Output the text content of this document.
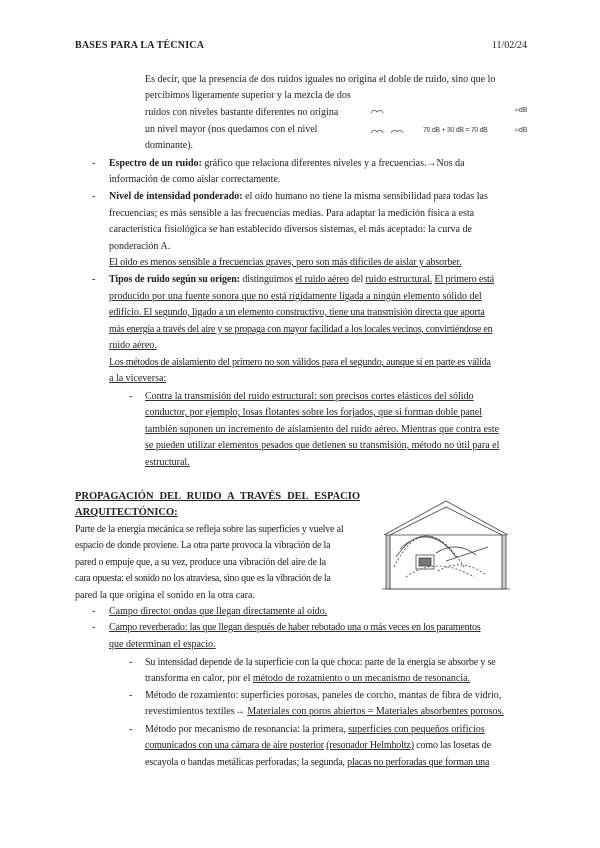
BASES PARA LA TÉCNICA	11/02/24
Es decir, que la presencia de dos ruidos iguales no origina el doble de ruido, sino que lo
percibimos ligeramente superior y la mezcla de dos
ruidos con niveles bastante diferentes no origina
un nivel mayor (nos quedamos con el nivel
dominante).
≈dB
70 dB + 30 dB = 70 dB	≈dB
-	Espectro de un ruido: gráfico que relaciona diferentes niveles y a frecuencias.→Nos da
información de como aislar correctamente.
-	Nivel de intensidad ponderado: el oído humano no tiene la misma sensibilidad para todas las
frecuencias; es más sensible a las frecuencias medias. Para adaptar la medición física a esta
característica fisiológica se han establecido diversos sistemas, el más aceptado: la curva de
ponderación A.
El oído es menos sensible a frecuencias graves, pero son más difíciles de aislar y absorber.
-	Tipos de ruido según su origen: distinguimos el ruido aéreo del ruido estructural. El primero está
producido por una fuente sonora que no está rígidamente ligada a ningún elemento sólido del
edificio. El segundo, ligado a un elemento constructivo, tiene una transmisión directa que aporta
más energía a través del aire y se propaga con mayor facilidad a los locales vecinos, convirtiéndose en
ruido aéreo.
Los métodos de aislamiento del primero no son válidos para el segundo, aunque sí en parte es válida
a la viceversa:
-	Contra la transmisión del ruido estructural: son precisos cortes elásticos del sólido
conductor, por ejemplo, losas flotantes sobre los forjados, que si forman doble panel
también suponen un incremento de aislamiento del ruido aéreo. Mientras que contra este
se pueden utilizar elementos pesados que detienen su transmisión, método no útil para el
estructural.
PROPAGACIÓN DEL RUIDO A TRAVÉS DEL ESPACIO
ARQUITECTÓNICO:
Parte de la energía mecánica se refleja sobre las superficies y vuelve al
espacio de donde proviene. La otra parte provoca la vibración de la
pared o empuje que, a su vez, produce una vibración del aire de la
cara opuesta: el sonido no los atraviesa, sino que es la vibración de la
pared la que origina el sonido en la otra cara.
-	Campo directo: ondas que llegan directamente al oído.
-	Campo reverberado: las que llegan después de haber rebotado una o más veces en los paramentos
que determinan el espacio.
-	Su intensidad depende de la superficie con la que choca: parte de la energía se absorbe y se
transforma en calor, por el método de rozamiento o un mecanismo de resonancia.
-	Método de rozamiento: superficies porosas, paneles de corcho, mantas de fibra de vidrio,
revestimientos textiles→ Materiales con poros abiertos = Materiales absorbentes porosos.
-	Método por mecanismo de resonancia: la primera, superficies con pequeños orificios
comunicados con una cámara de aire posterior (resonador Helmholtz) como las losetas de
escayola o bandas metálicas perforadas; la segunda, placas no perforadas que forman una
